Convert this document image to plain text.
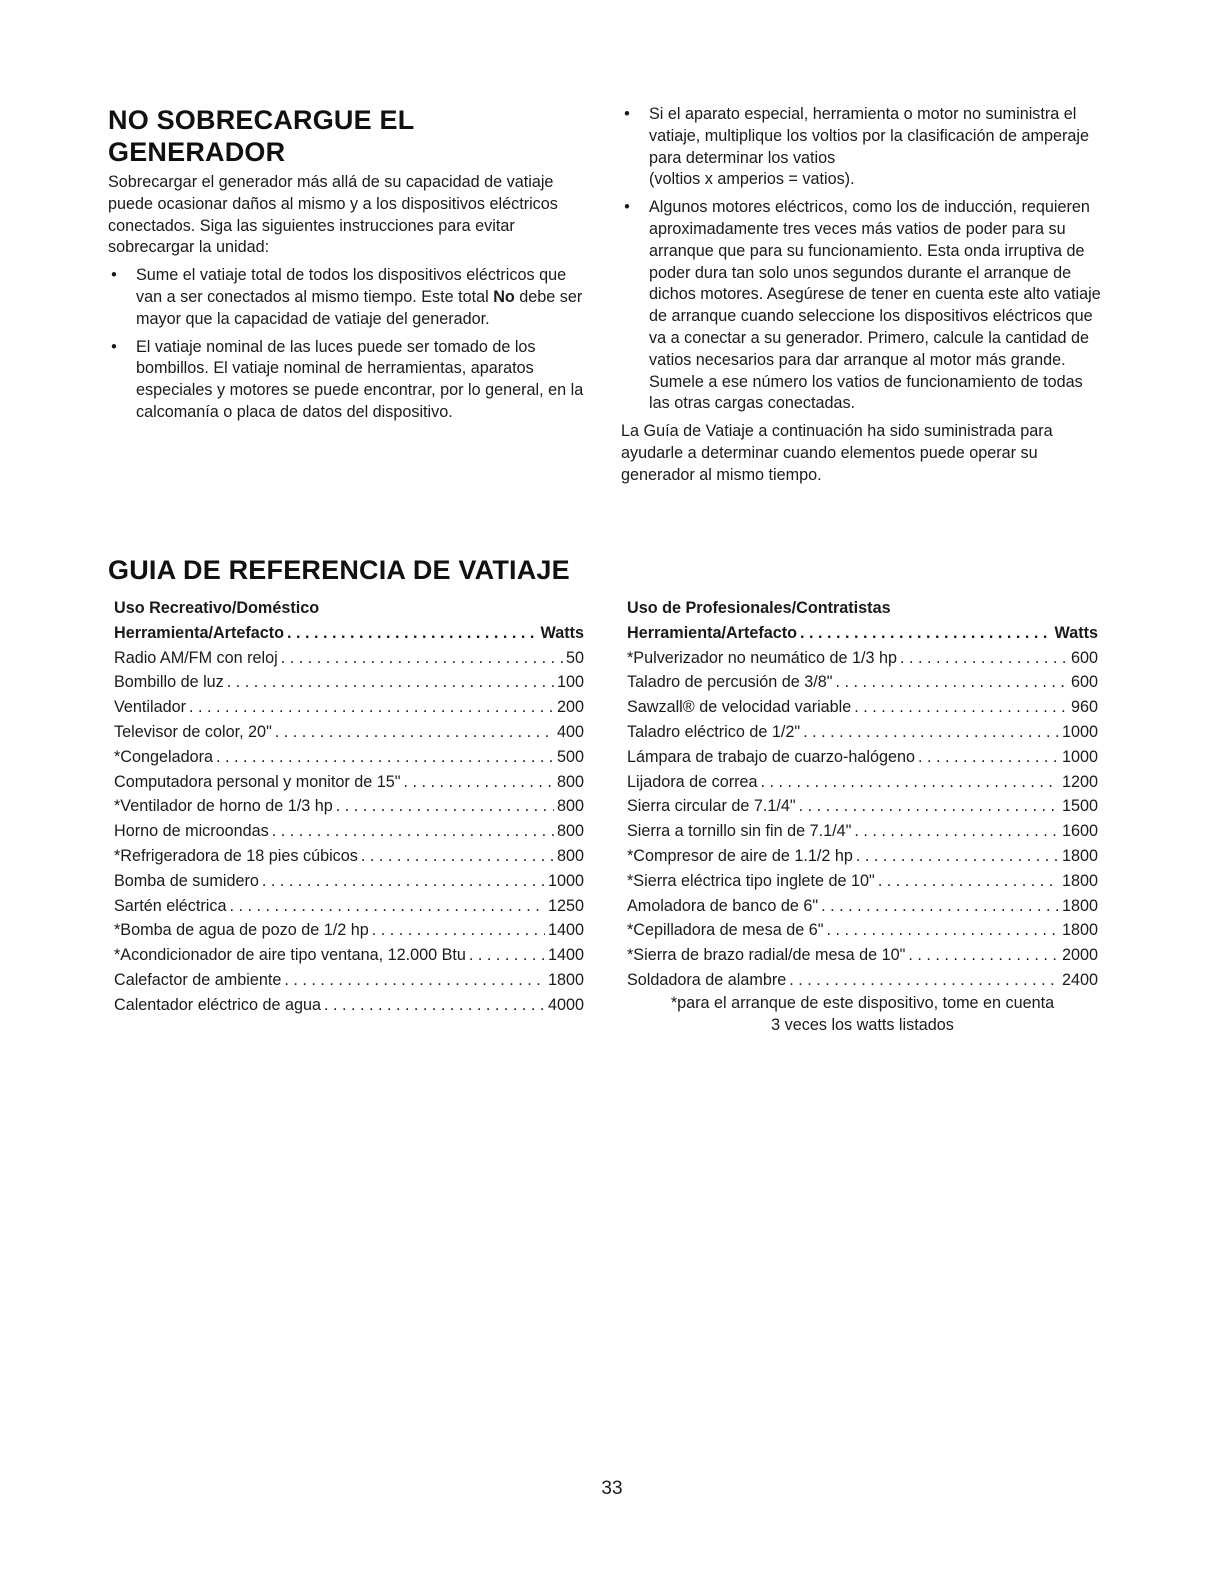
NO SOBRECARGUE EL
GENERADOR

Sobrecargar el generador más allá de su capacidad de vatiaje puede ocasionar daños al mismo y a los dispositivos eléctricos conectados. Siga las siguientes instrucciones para evitar sobrecargar la unidad:

• Sume el vatiaje total de todos los dispositivos eléctricos que van a ser conectados al mismo tiempo. Este total No debe ser mayor que la capacidad de vatiaje del generador.
• El vatiaje nominal de las luces puede ser tomado de los bombillos. El vatiaje nominal de herramientas, aparatos especiales y motores se puede encontrar, por lo general, en la calcomanía o placa de datos del dispositivo.
• Si el aparato especial, herramienta o motor no suministra el vatiaje, multiplique los voltios por la clasificación de amperaje para determinar los vatios
(voltios x amperios = vatios).
• Algunos motores eléctricos, como los de inducción, requieren aproximadamente tres veces más vatios de poder para su arranque que para su funcionamiento. Esta onda irruptiva de poder dura tan solo unos segundos durante el arranque de dichos motores. Asegúrese de tener en cuenta este alto vatiaje de arranque cuando seleccione los dispositivos eléctricos que va a conectar a su generador. Primero, calcule la cantidad de vatios necesarios para dar arranque al motor más grande. Sumele a ese número los vatios de funcionamiento de todas las otras cargas conectadas.

La Guía de Vatiaje a continuación ha sido suministrada para ayudarle a determinar cuando elementos puede operar su generador al mismo tiempo.

GUIA DE REFERENCIA DE VATIAJE
Uso Recreativo/Doméstico
Herramienta/Artefacto . . .	Watts
Radio AM/FM con reloj . . .	50
Bombillo de luz . . .	100
Ventilador . . .	200
Televisor de color, 20" . . .	400
*Congeladora . . .	500
Computadora personal y monitor de 15" . . .	800
*Ventilador de horno de 1/3 hp . . .	800
Horno de microondas . . .	800
*Refrigeradora de 18 pies cúbicos . . .	800
Bomba de sumidero . . .	1000
Sartén eléctrica . . .	1250
*Bomba de agua de pozo de 1/2 hp . . .	1400
*Acondicionador de aire tipo ventana, 12.000 Btu . . .	1400
Calefactor de ambiente . . .	1800
Calentador eléctrico de agua . . .	4000
Uso de Profesionales/Contratistas
Herramienta/Artefacto . . .	Watts
*Pulverizador no neumático de 1/3 hp . . .	600
Taladro de percusión de 3/8" . . .	600
Sawzall® de velocidad variable . . .	960
Taladro eléctrico de 1/2" . . .	1000
Lámpara de trabajo de cuarzo-halógeno . . .	1000
Lijadora de correa . . .	1200
Sierra circular de 7.1/4" . . .	1500
Sierra a tornillo sin fin de 7.1/4" . . .	1600
*Compresor de aire de 1.1/2 hp . . .	1800
*Sierra eléctrica tipo inglete de 10" . . .	1800
Amoladora de banco de 6" . . .	1800
*Cepilladora de mesa de 6" . . .	1800
*Sierra de brazo radial/de mesa de 10" . . .	2000
Soldadora de alambre . . .	2400
*para el arranque de este dispositivo, tome en cuenta
3 veces los watts listados
33
